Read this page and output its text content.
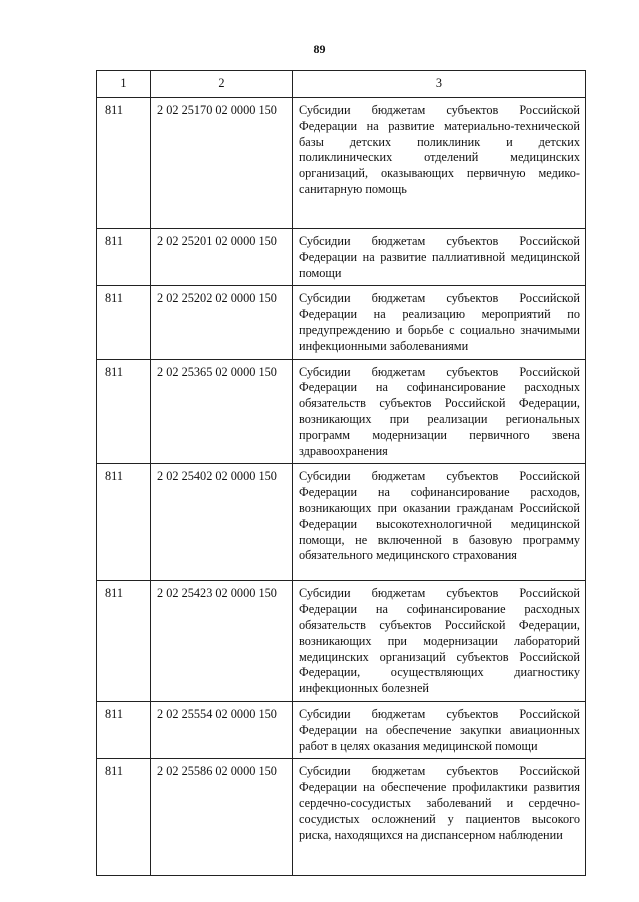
89
1	2	3
811	2 02 25170 02 0000 150	Субсидии бюджетам субъектов Российской Федерации на развитие материально-технической базы детских поликлиник и детских поликлинических отделений медицинских организаций, оказывающих первичную медико-санитарную помощь
811	2 02 25201 02 0000 150	Субсидии бюджетам субъектов Российской Федерации на развитие паллиативной медицинской помощи
811	2 02 25202 02 0000 150	Субсидии бюджетам субъектов Российской Федерации на реализацию мероприятий по предупреждению и борьбе с социально значимыми инфекционными заболеваниями
811	2 02 25365 02 0000 150	Субсидии бюджетам субъектов Российской Федерации на софинансирование расходных обязательств субъектов Российской Федерации, возникающих при реализации региональных программ модернизации первичного звена здравоохранения
811	2 02 25402 02 0000 150	Субсидии бюджетам субъектов Российской Федерации на софинансирование расходов, возникающих при оказании гражданам Российской Федерации высокотехнологичной медицинской помощи, не включенной в базовую программу обязательного медицинского страхования
811	2 02 25423 02 0000 150	Субсидии бюджетам субъектов Российской Федерации на софинансирование расходных обязательств субъектов Российской Федерации, возникающих при модернизации лабораторий медицинских организаций субъектов Российской Федерации, осуществляющих диагностику инфекционных болезней
811	2 02 25554 02 0000 150	Субсидии бюджетам субъектов Российской Федерации на обеспечение закупки авиационных работ в целях оказания медицинской помощи
811	2 02 25586 02 0000 150	Субсидии бюджетам субъектов Российской Федерации на обеспечение профилактики развития сердечно-сосудистых заболеваний и сердечно-сосудистых осложнений у пациентов высокого риска, находящихся на диспансерном наблюдении
